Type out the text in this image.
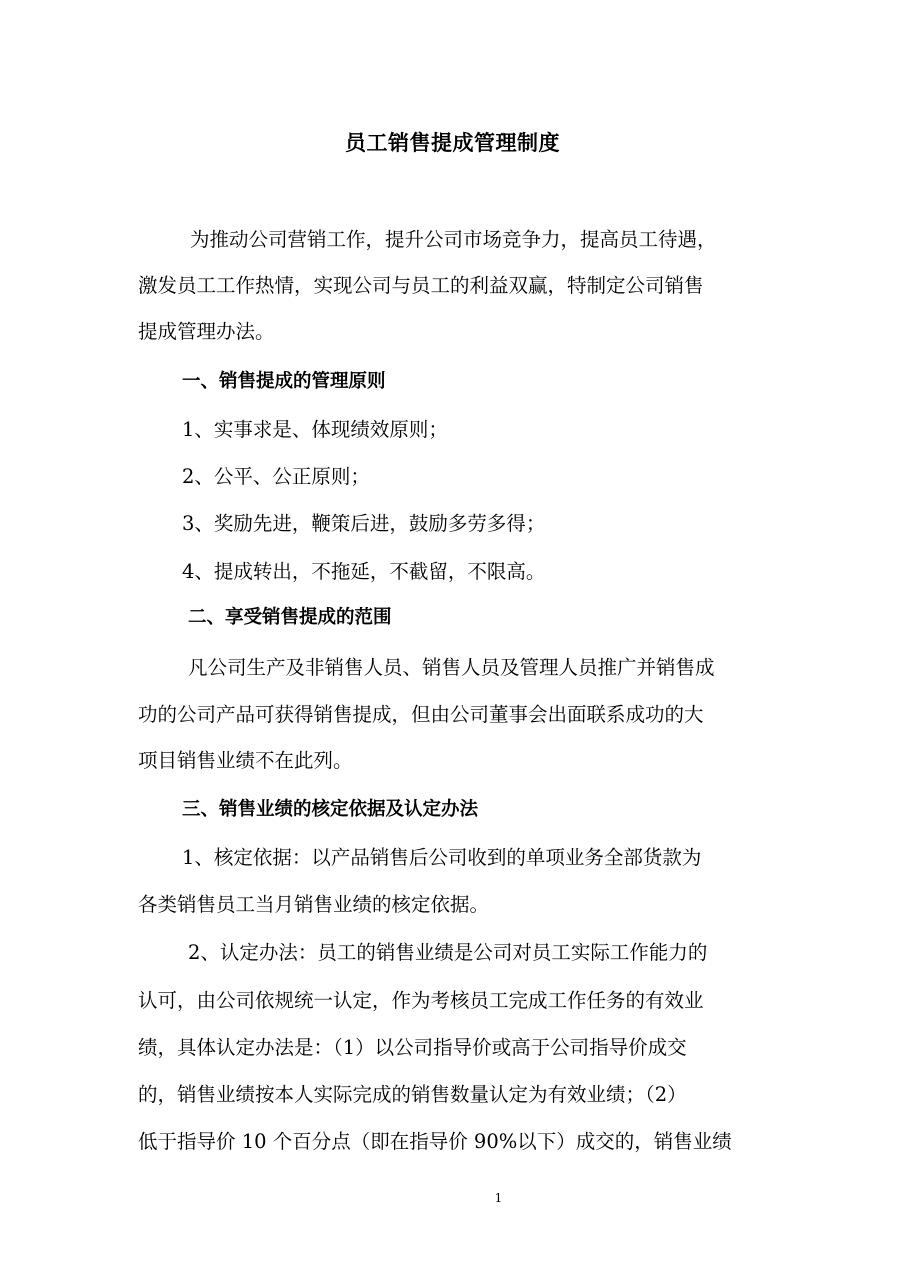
员工销售提成管理制度
为推动公司营销工作，提升公司市场竞争力，提高员工待遇，
激发员工工作热情，实现公司与员工的利益双赢，特制定公司销售
提成管理办法。
一、销售提成的管理原则
1、实事求是、体现绩效原则；
2、公平、公正原则；
3、奖励先进，鞭策后进，鼓励多劳多得；
4、提成转出，不拖延，不截留，不限高。
二、享受销售提成的范围
凡公司生产及非销售人员、销售人员及管理人员推广并销售成
功的公司产品可获得销售提成，但由公司董事会出面联系成功的大
项目销售业绩不在此列。
三、销售业绩的核定依据及认定办法
1、核定依据：以产品销售后公司收到的单项业务全部货款为
各类销售员工当月销售业绩的核定依据。
2、认定办法：员工的销售业绩是公司对员工实际工作能力的
认可，由公司依规统一认定，作为考核员工完成工作任务的有效业
绩，具体认定办法是：（1）以公司指导价或高于公司指导价成交
的，销售业绩按本人实际完成的销售数量认定为有效业绩；（2）
低于指导价 10 个百分点（即在指导价 90%以下）成交的，销售业绩
1
